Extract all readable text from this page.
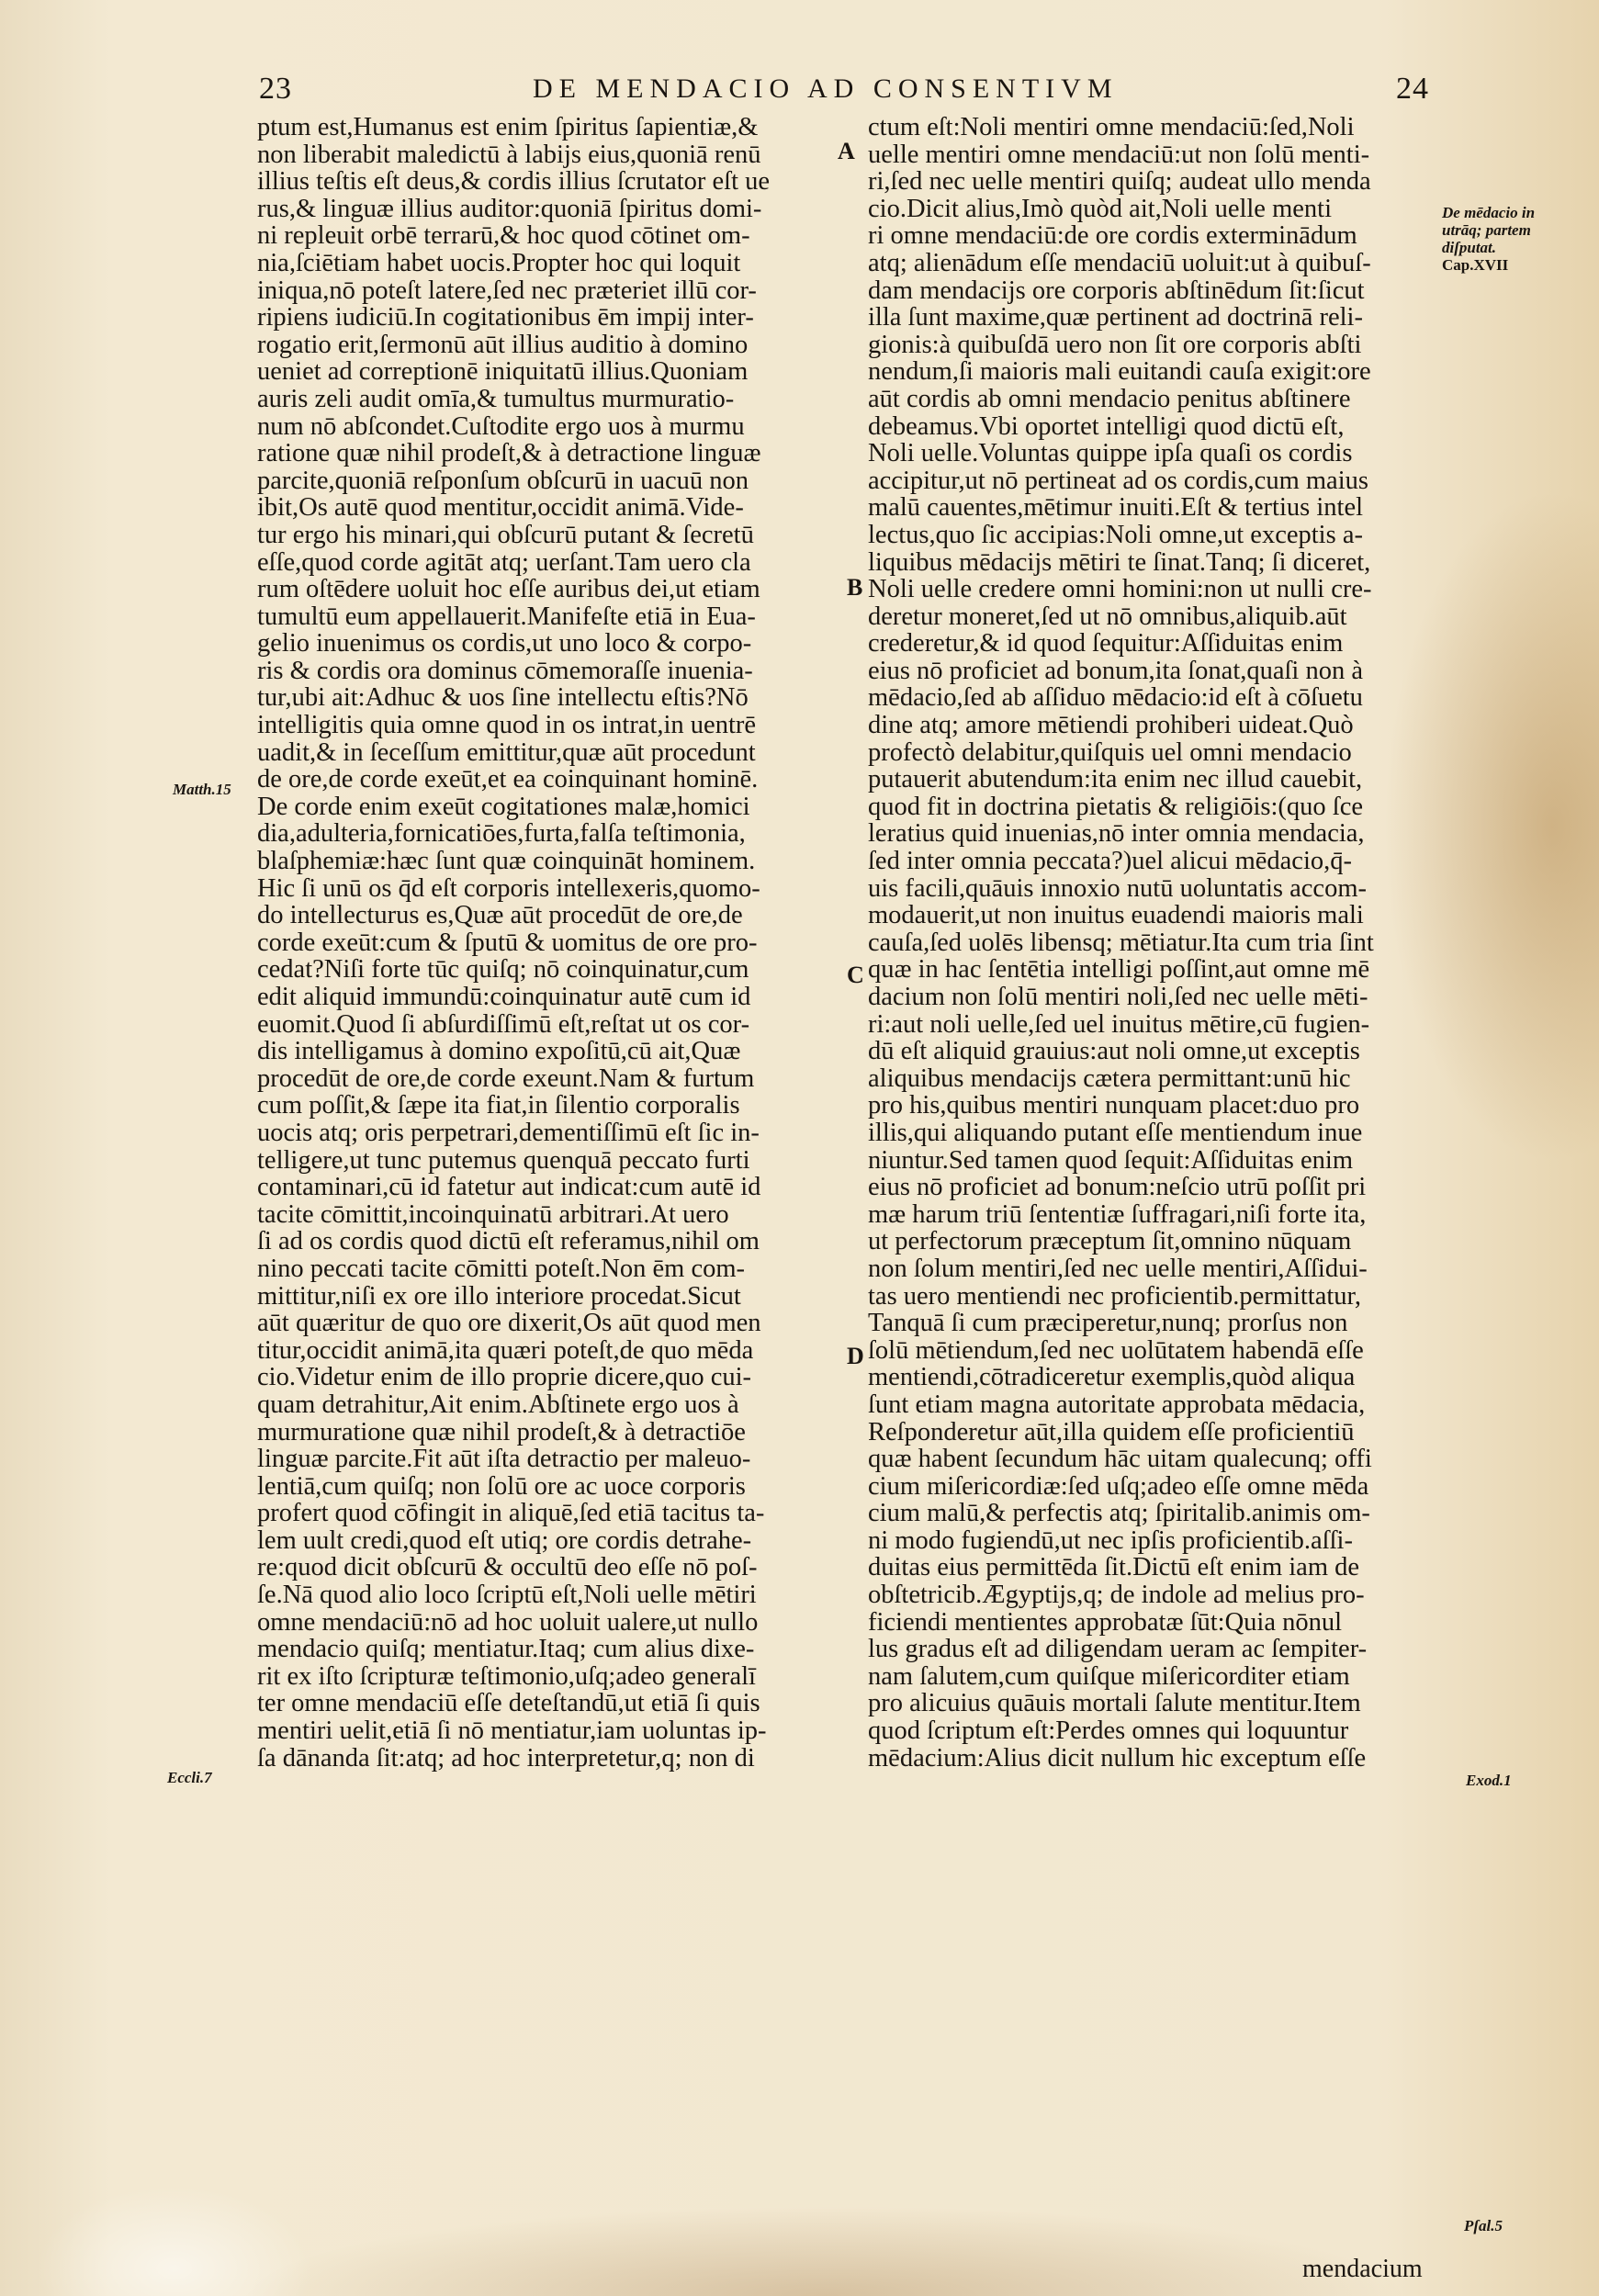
23	DE MENDACIO AD CONSENTIVM	24
ptum est,Humanus est enim ſpiritus ſapientiæ,&
non liberabit maledictū à labijs eius,quoniā renū
illius teſtis eſt deus,& cordis illius ſcrutator eſt ue
rus,& linguæ illius auditor:quoniā ſpiritus domi-
ni repleuit orbē terrarū,& hoc quod cōtinet om-
nia,ſciētiam habet uocis.Propter hoc qui loquit
iniqua,nō poteſt latere,ſed nec præteriet illū cor-
ripiens iudiciū.In cogitationibus ēm impij inter-
rogatio erit,ſermonū aūt illius auditio à domino
ueniet ad correptionē iniquitatū illius.Quoniam
auris zeli audit omīa,& tumultus murmuratio-
num nō abſcondet.Cuſtodite ergo uos à murmu
ratione quæ nihil prodeſt,& à detractione linguæ
parcite,quoniā reſponſum obſcurū in uacuū non
ibit,Os autē quod mentitur,occidit animā.Vide-
tur ergo his minari,qui obſcurū putant & ſecretū
eſſe,quod corde agitāt atq; uerſant.Tam uero cla
rum oſtēdere uoluit hoc eſſe auribus dei,ut etiam
tumultū eum appellauerit.Manifeſte etiā in Eua-
gelio inuenimus os cordis,ut uno loco & corpo-
ris & cordis ora dominus cōmemoraſſe inuenia-
tur,ubi ait:Adhuc & uos ſine intellectu eſtis?Nō
intelligitis quia omne quod in os intrat,in uentrē
uadit,& in ſeceſſum emittitur,quæ aūt procedunt
de ore,de corde exeūt,et ea coinquinant hominē.
De corde enim exeūt cogitationes malæ,homici
dia,adulteria,fornicatiōes,furta,falſa teſtimonia,
blaſphemiæ:hæc ſunt quæ coinquināt hominem.
Hic ſi unū os q̄d eſt corporis intellexeris,quomo-
do intellecturus es,Quæ aūt procedūt de ore,de
corde exeūt:cum & ſputū & uomitus de ore pro-
cedat?Niſi forte tūc quiſq; nō coinquinatur,cum
edit aliquid immundū:coinquinatur autē cum id
euomit.Quod ſi abſurdiſſimū eſt,reſtat ut os cor-
dis intelligamus à domino expoſitū,cū ait,Quæ
procedūt de ore,de corde exeunt.Nam & furtum
cum poſſit,& ſæpe ita fiat,in ſilentio corporalis
uocis atq; oris perpetrari,dementiſſimū eſt ſic in-
telligere,ut tunc putemus quenquā peccato furti
contaminari,cū id fatetur aut indicat:cum autē id
tacite cōmittit,incoinquinatū arbitrari.At uero
ſi ad os cordis quod dictū eſt referamus,nihil om
nino peccati tacite cōmitti poteſt.Non ēm com-
mittitur,niſi ex ore illo interiore procedat.Sicut
aūt quæritur de quo ore dixerit,Os aūt quod men
titur,occidit animā,ita quæri poteſt,de quo mēda
cio.Videtur enim de illo proprie dicere,quo cui-
quam detrahitur,Ait enim.Abſtinete ergo uos à
murmuratione quæ nihil prodeſt,& à detractiōe
linguæ parcite.Fit aūt iſta detractio per maleuo-
lentiā,cum quiſq; non ſolū ore ac uoce corporis
profert quod cōfingit in aliquē,ſed etiā tacitus ta-
lem uult credi,quod eſt utiq; ore cordis detrahe-
re:quod dicit obſcurū & occultū deo eſſe nō poſ-
ſe.Nā quod alio loco ſcriptū eſt,Noli uelle mētiri
omne mendaciū:nō ad hoc uoluit ualere,ut nullo
mendacio quiſq; mentiatur.Itaq; cum alius dixe-
rit ex iſto ſcripturæ teſtimonio,uſq;adeo generalī
ter omne mendaciū eſſe deteſtandū,ut etiā ſi quis
mentiri uelit,etiā ſi nō mentiatur,iam uoluntas ip-
ſa dānanda ſit:atq; ad hoc interpretetur,q; non di
ctum eſt:Noli mentiri omne mendaciū:ſed,Noli
uelle mentiri omne mendaciū:ut non ſolū menti-
ri,ſed nec uelle mentiri quiſq; audeat ullo menda
cio.Dicit alius,Imò quòd ait,Noli uelle menti
ri omne mendaciū:de ore cordis exterminādum
atq; alienādum eſſe mendaciū uoluit:ut à quibuſ-
dam mendacijs ore corporis abſtinēdum ſit:ſicut
illa ſunt maxime,quæ pertinent ad doctrinā reli-
gionis:à quibuſdā uero non ſit ore corporis abſti
nendum,ſi maioris mali euitandi cauſa exigit:ore
aūt cordis ab omni mendacio penitus abſtinere
debeamus.Vbi oportet intelligi quod dictū eſt,
Noli uelle.Voluntas quippe ipſa quaſi os cordis
accipitur,ut nō pertineat ad os cordis,cum maius
malū cauentes,mētimur inuiti.Eſt & tertius intel
lectus,quo ſic accipias:Noli omne,ut exceptis a-
liquibus mēdacijs mētiri te ſinat.Tanq; ſi diceret,
Noli uelle credere omni homini:non ut nulli cre-
deretur moneret,ſed ut nō omnibus,aliquib.aūt
crederetur,& id quod ſequitur:Aſſiduitas enim
eius nō proficiet ad bonum,ita ſonat,quaſi non à
mēdacio,ſed ab aſſiduo mēdacio:id eſt à cōſuetu
dine atq; amore mētiendi prohiberi uideat.Quò
profectò delabitur,quiſquis uel omni mendacio
putauerit abutendum:ita enim nec illud cauebit,
quod fit in doctrina pietatis & religiōis:(quo ſce
leratius quid inuenias,nō inter omnia mendacia,
ſed inter omnia peccata?)uel alicui mēdacio,q̄-
uis facili,quāuis innoxio nutū uoluntatis accom-
modauerit,ut non inuitus euadendi maioris mali
cauſa,ſed uolēs libensq; mētiatur.Ita cum tria ſint
quæ in hac ſentētia intelligi poſſint,aut omne mē
dacium non ſolū mentiri noli,ſed nec uelle mēti-
ri:aut noli uelle,ſed uel inuitus mētire,cū fugien-
dū eſt aliquid grauius:aut noli omne,ut exceptis
aliquibus mendacijs cætera permittant:unū hic
pro his,quibus mentiri nunquam placet:duo pro
illis,qui aliquando putant eſſe mentiendum inue
niuntur.Sed tamen quod ſequit:Aſſiduitas enim
eius nō proficiet ad bonum:neſcio utrū poſſit pri
mæ harum triū ſententiæ ſuffragari,niſi forte ita,
ut perfectorum præceptum ſit,omnino nūquam
non ſolum mentiri,ſed nec uelle mentiri,Aſſidui-
tas uero mentiendi nec proficientib.permittatur,
Tanquā ſi cum præciperetur,nunq; prorſus non
ſolū mētiendum,ſed nec uolūtatem habendā eſſe
mentiendi,cōtradiceretur exemplis,quòd aliqua
ſunt etiam magna autoritate approbata mēdacia,
Reſponderetur aūt,illa quidem eſſe proficientiū
quæ habent ſecundum hāc uitam qualecunq; offi
cium miſericordiæ:ſed uſq;adeo eſſe omne mēda
cium malū,& perfectis atq; ſpiritalib.animis om-
ni modo fugiendū,ut nec ipſis proficientib.aſſi-
duitas eius permittēda ſit.Dictū eſt enim iam de
obſtetricib.Ægyptijs,q; de indole ad melius pro-
ficiendi mentientes approbatæ ſūt:Quia nōnul
lus gradus eſt ad diligendam ueram ac ſempiter-
nam ſalutem,cum quiſque miſericorditer etiam
pro alicuius quāuis mortali ſalute mentitur.Item
quod ſcriptum eſt:Perdes omnes qui loquuntur
mēdacium:Alius dicit nullum hic exceptum eſſe
A
B
C
D
De mēdacio in
utrāq; partem
diſputat.
Cap.XVII
Matth.15
Eccli.7	Exod.1
Pſal.5
mendacium
